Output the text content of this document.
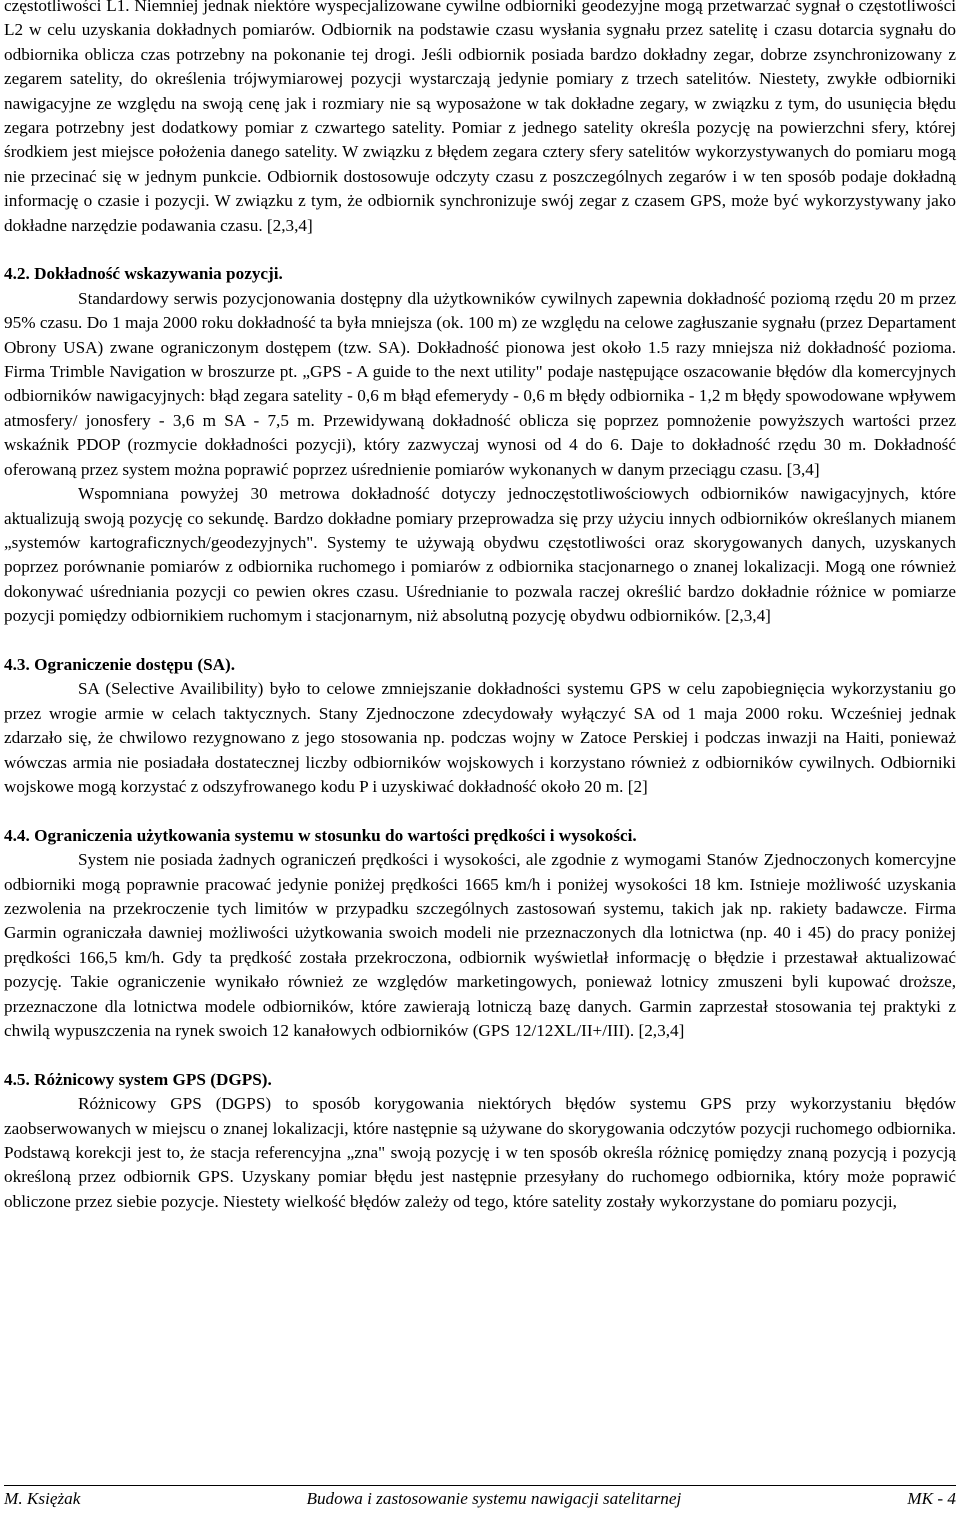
częstotliwości L1. Niemniej jednak niektóre wyspecjalizowane cywilne odbiorniki geodezyjne mogą przetwarzać sygnał o częstotliwości L2 w celu uzyskania dokładnych pomiarów. Odbiornik na podstawie czasu wysłania sygnału przez satelitę i czasu dotarcia sygnału do odbiornika oblicza czas potrzebny na pokonanie tej drogi. Jeśli odbiornik posiada bardzo dokładny zegar, dobrze zsynchronizowany z zegarem satelity, do określenia trójwymiarowej pozycji wystarczają jedynie pomiary z trzech satelitów. Niestety, zwykłe odbiorniki nawigacyjne ze względu na swoją cenę jak i rozmiary nie są wyposażone w tak dokładne zegary, w związku z tym, do usunięcia błędu zegara potrzebny jest dodatkowy pomiar z czwartego satelity. Pomiar z jednego satelity określa pozycję na powierzchni sfery, której środkiem jest miejsce położenia danego satelity. W związku z błędem zegara cztery sfery satelitów wykorzystywanych do pomiaru mogą nie przecinać się w jednym punkcie. Odbiornik dostosowuje odczyty czasu z poszczególnych zegarów i w ten sposób podaje dokładną informację o czasie i pozycji. W związku z tym, że odbiornik synchronizuje swój zegar z czasem GPS, może być wykorzystywany jako dokładne narzędzie podawania czasu. [2,3,4]

4.2. Dokładność wskazywania pozycji.

Standardowy serwis pozycjonowania dostępny dla użytkowników cywilnych zapewnia dokładność poziomą rzędu 20 m przez 95% czasu. Do 1 maja 2000 roku dokładność ta była mniejsza (ok. 100 m) ze względu na celowe zagłuszanie sygnału (przez Departament Obrony USA) zwane ograniczonym dostępem (tzw. SA). Dokładność pionowa jest około 1.5 razy mniejsza niż dokładność pozioma. Firma Trimble Navigation w broszurze pt. „GPS - A guide to the next utility" podaje następujące oszacowanie błędów dla komercyjnych odbiorników nawigacyjnych: błąd zegara satelity - 0,6 m błąd efemerydy - 0,6 m błędy odbiornika - 1,2 m błędy spowodowane wpływem atmosfery/ jonosfery - 3,6 m SA - 7,5 m. Przewidywaną dokładność oblicza się poprzez pomnożenie powyższych wartości przez wskaźnik PDOP (rozmycie dokładności pozycji), który zazwyczaj wynosi od 4 do 6. Daje to dokładność rzędu 30 m. Dokładność oferowaną przez system można poprawić poprzez uśrednienie pomiarów wykonanych w danym przeciągu czasu. [3,4]

Wspomniana powyżej 30 metrowa dokładność dotyczy jednoczęstotliwościowych odbiorników nawigacyjnych, które aktualizują swoją pozycję co sekundę. Bardzo dokładne pomiary przeprowadza się przy użyciu innych odbiorników określanych mianem „systemów kartograficznych/geodezyjnych". Systemy te używają obydwu częstotliwości oraz skorygowanych danych, uzyskanych poprzez porównanie pomiarów z odbiornika ruchomego i pomiarów z odbiornika stacjonarnego o znanej lokalizacji. Mogą one również dokonywać uśredniania pozycji co pewien okres czasu. Uśrednianie to pozwala raczej określić bardzo dokładnie różnice w pomiarze pozycji pomiędzy odbiornikiem ruchomym i stacjonarnym, niż absolutną pozycję obydwu odbiorników. [2,3,4]

4.3. Ograniczenie dostępu (SA).

SA (Selective Availibility) było to celowe zmniejszanie dokładności systemu GPS w celu zapobiegnięcia wykorzystaniu go przez wrogie armie w celach taktycznych. Stany Zjednoczone zdecydowały wyłączyć SA od 1 maja 2000 roku. Wcześniej jednak zdarzało się, że chwilowo rezygnowano z jego stosowania np. podczas wojny w Zatoce Perskiej i podczas inwazji na Haiti, ponieważ wówczas armia nie posiadała dostatecznej liczby odbiorników wojskowych i korzystano również z odbiorników cywilnych. Odbiorniki wojskowe mogą korzystać z odszyfrowanego kodu P i uzyskiwać dokładność około 20 m. [2]

4.4. Ograniczenia użytkowania systemu w stosunku do wartości prędkości i wysokości.

System nie posiada żadnych ograniczeń prędkości i wysokości, ale zgodnie z wymogami Stanów Zjednoczonych komercyjne odbiorniki mogą poprawnie pracować jedynie poniżej prędkości 1665 km/h i poniżej wysokości 18 km. Istnieje możliwość uzyskania zezwolenia na przekroczenie tych limitów w przypadku szczególnych zastosowań systemu, takich jak np. rakiety badawcze. Firma Garmin ograniczała dawniej możliwości użytkowania swoich modeli nie przeznaczonych dla lotnictwa (np. 40 i 45) do pracy poniżej prędkości 166,5 km/h. Gdy ta prędkość została przekroczona, odbiornik wyświetlał informację o błędzie i przestawał aktualizować pozycję. Takie ograniczenie wynikało również ze względów marketingowych, ponieważ lotnicy zmuszeni byli kupować droższe, przeznaczone dla lotnictwa modele odbiorników, które zawierają lotniczą bazę danych. Garmin zaprzestał stosowania tej praktyki z chwilą wypuszczenia na rynek swoich 12 kanałowych odbiorników (GPS 12/12XL/II+/III). [2,3,4]

4.5. Różnicowy system GPS (DGPS).

Różnicowy GPS (DGPS) to sposób korygowania niektórych błędów systemu GPS przy wykorzystaniu błędów zaobserwowanych w miejscu o znanej lokalizacji, które następnie są używane do skorygowania odczytów pozycji ruchomego odbiornika. Podstawą korekcji jest to, że stacja referencyjna „zna" swoją pozycję i w ten sposób określa różnicę pomiędzy znaną pozycją i pozycją określoną przez odbiornik GPS. Uzyskany pomiar błędu jest następnie przesyłany do ruchomego odbiornika, który może poprawić obliczone przez siebie pozycje. Niestety wielkość błędów zależy od tego, które satelity zostały wykorzystane do pomiaru pozycji,

M. Księżak	Budowa i zastosowanie systemu nawigacji satelitarnej	MK - 4
